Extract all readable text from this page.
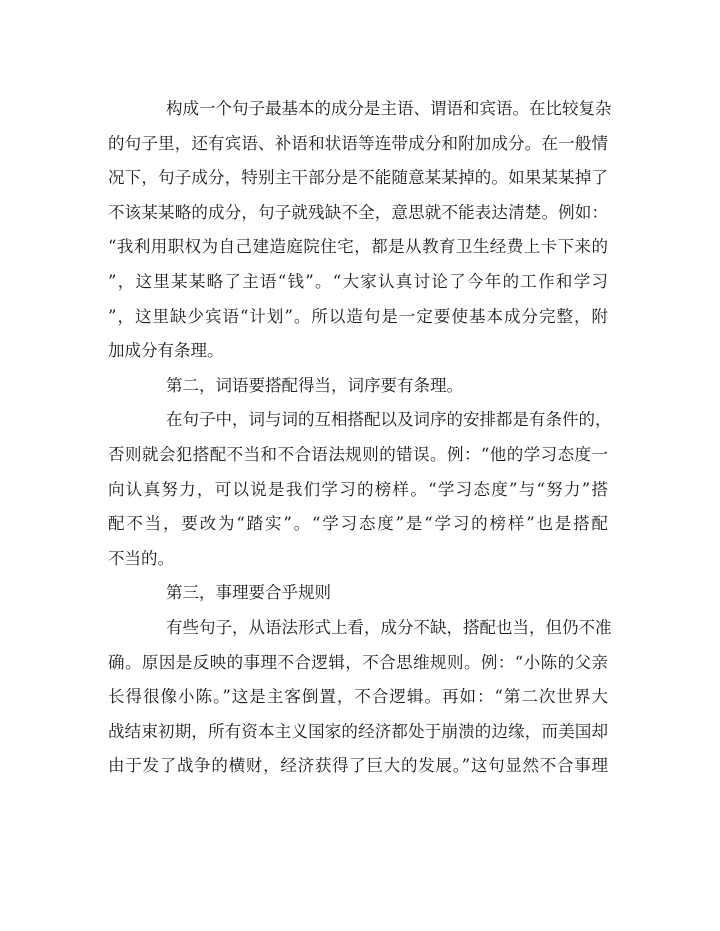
构成一个句子最基本的成分是主语、谓语和宾语。在比较复杂
的句子里，还有宾语、补语和状语等连带成分和附加成分。在一般情
况下，句子成分，特别主干部分是不能随意某某掉的。如果某某掉了
不该某某略的成分，句子就残缺不全，意思就不能表达清楚。例如：
“我利用职权为自己建造庭院住宅，都是从教育卫生经费上卡下来的
”，这里某某略了主语“钱”。“大家认真讨论了今年的工作和学习
”，这里缺少宾语“计划”。所以造句是一定要使基本成分完整，附
加成分有条理。
第二，词语要搭配得当，词序要有条理。
在句子中，词与词的互相搭配以及词序的安排都是有条件的，
否则就会犯搭配不当和不合语法规则的错误。例：“他的学习态度一
向认真努力，可以说是我们学习的榜样。“学习态度”与“努力”搭
配不当，要改为“踏实”。“学习态度”是“学习的榜样”也是搭配
不当的。
第三，事理要合乎规则
有些句子，从语法形式上看，成分不缺，搭配也当，但仍不准
确。原因是反映的事理不合逻辑，不合思维规则。例：“小陈的父亲
长得很像小陈。”这是主客倒置，不合逻辑。再如：“第二次世界大
战结束初期，所有资本主义国家的经济都处于崩溃的边缘，而美国却
由于发了战争的横财，经济获得了巨大的发展。”这句显然不合事理
